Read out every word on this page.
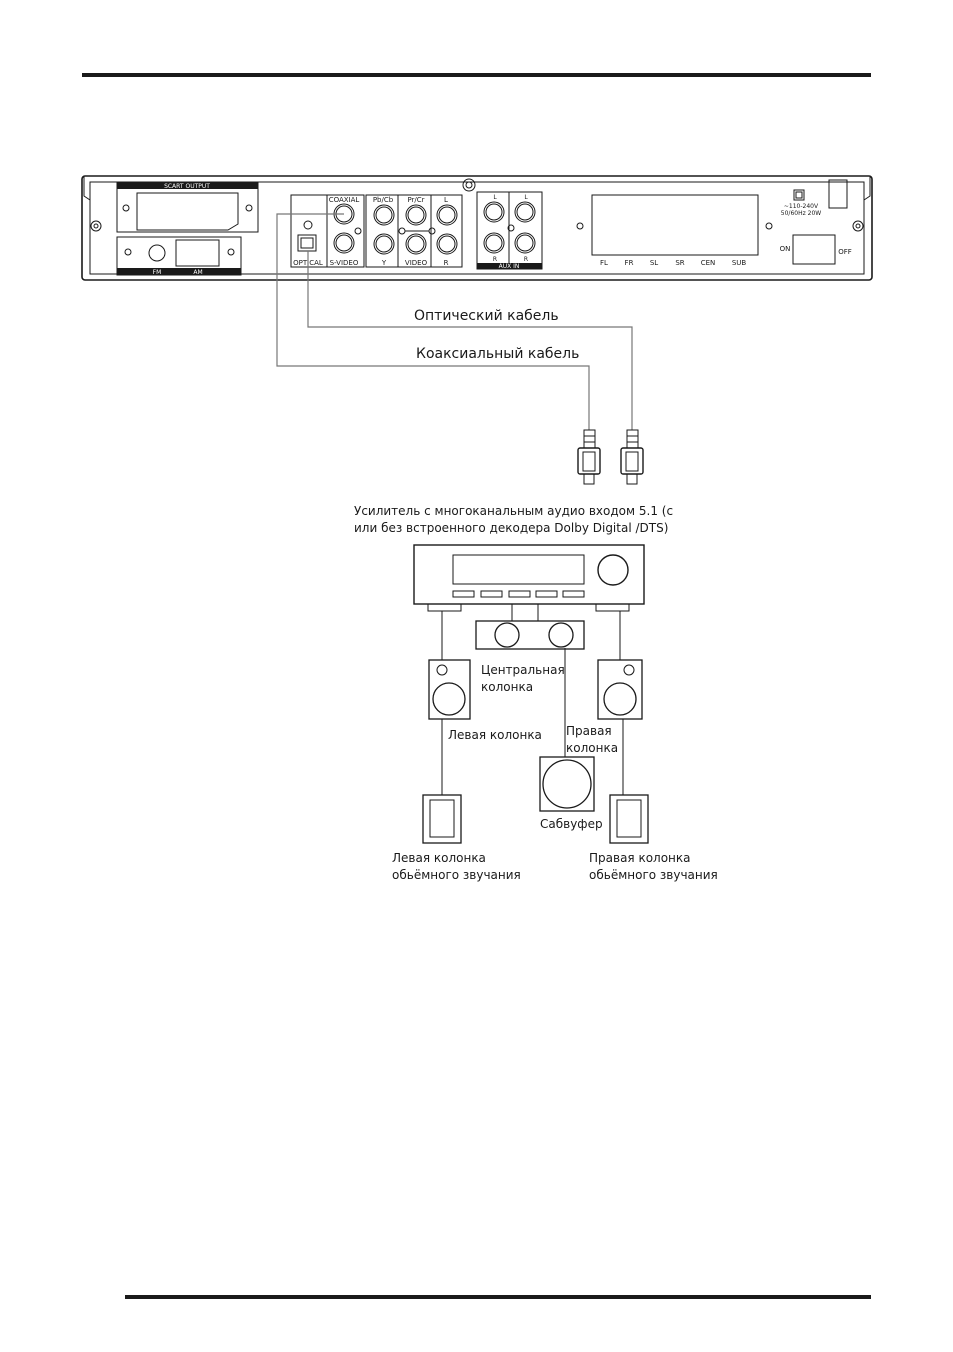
SCART OUTPUT
FM	AM
COAXIAL
OPTICAL S-VIDEO
Pb/Cb Pr/Cr	L
Y	VIDEO R
L	L
R	R
AUX IN	FL FR SL SR CEN SUB
~110-240V
50/60Hz 20W
ON	OFF
Оптический кабель
Коаксиальный кабель
Усилитель с многоканальным аудио входом 5.1 (с
или без встроенного декодера Dolby Digital /DTS)
Центральная
колонка
Левая колонка Правая
колонка
Сабвуфер
Левая колонка
обьёмного звучания
Правая колонка
обьёмного звучания
